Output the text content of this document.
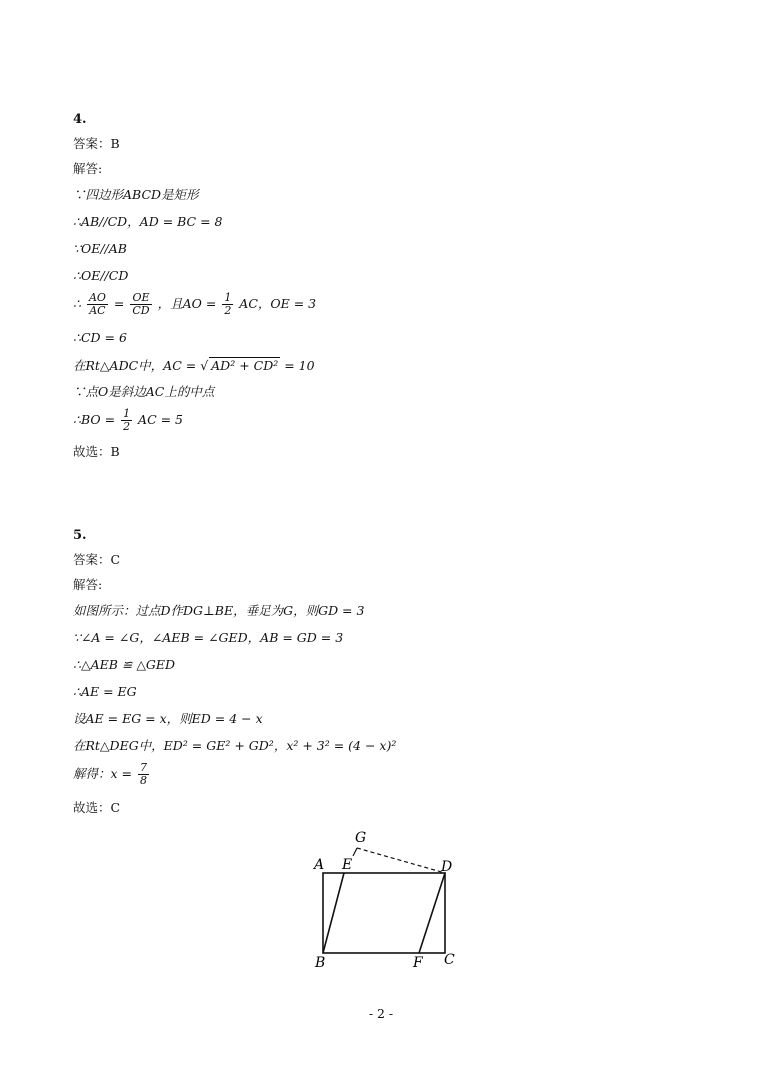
4.
答案：B
解答:
∵四边形ABCD是矩形
∴AB//CD，AD = BC = 8
∵OE//AB
∴OE//CD
∴ $\frac{AO}{AC} = \frac{OE}{CD}$ ，且AO = $\frac{1}{2}$ AC，OE = 3
∴CD = 6
在Rt△ADC中，AC = √ AD² + CD² = 10
∵点O是斜边AC上的中点
∴BO = $\frac{1}{2}$ AC = 5
故选：B
5.
答案：C
解答:
如图所示：过点D作DG⊥BE，垂足为G，则GD = 3
∵∠A = ∠G，∠AEB = ∠GED，AB = GD = 3
∴△AEB ≌ △GED
∴AE = EG
设AE = EG = x，则ED = 4 − x
在Rt△DEG中，ED² = GE² + GD²，x² + 3² = (4 − x)²
解得：$x = \frac{7}{8}$
故选：C
G
A E	D
B	F C
- 2 -
